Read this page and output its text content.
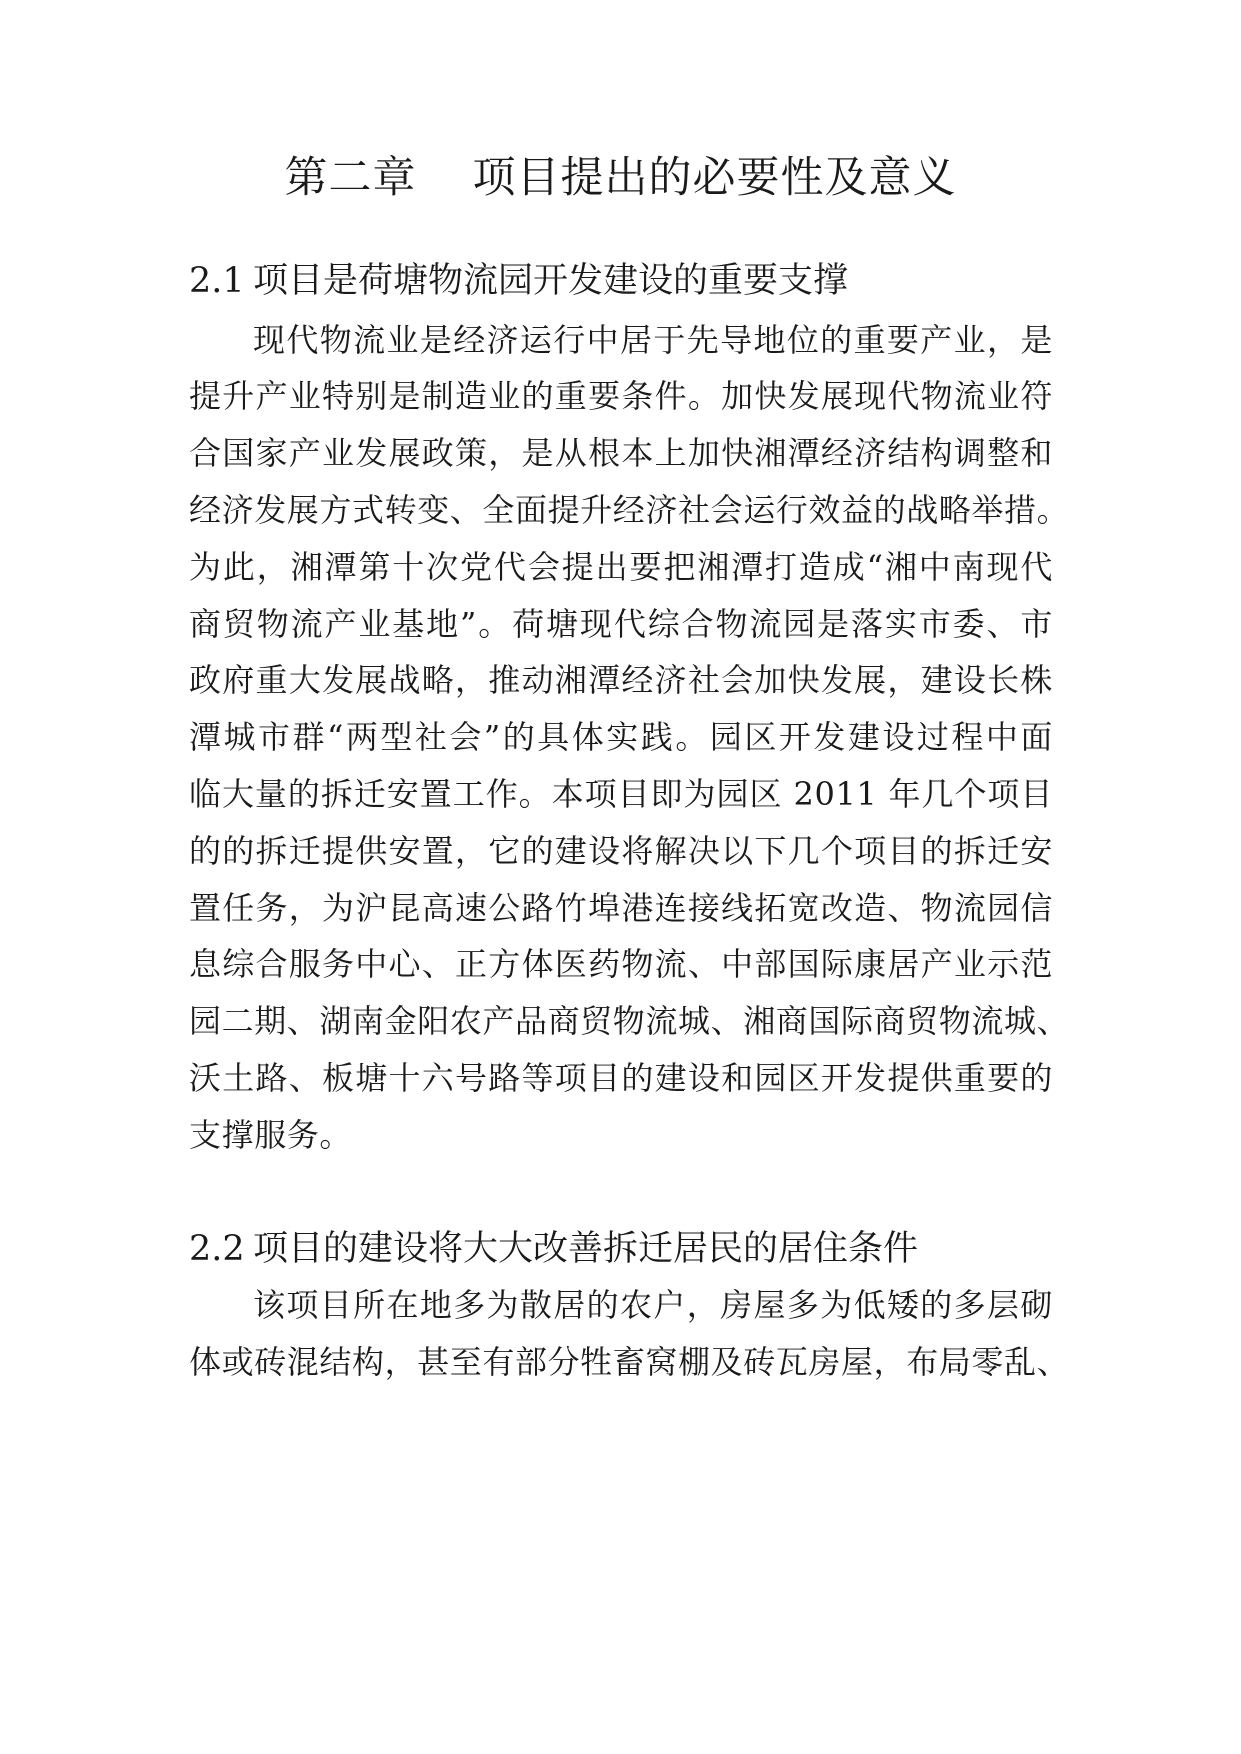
第二章 项目提出的必要性及意义
2.1 项目是荷塘物流园开发建设的重要支撑
现代物流业是经济运行中居于先导地位的重要产业，是
提升产业特别是制造业的重要条件。加快发展现代物流业符
合国家产业发展政策，是从根本上加快湘潭经济结构调整和
经济发展方式转变、全面提升经济社会运行效益的战略举措。
为此，湘潭第十次党代会提出要把湘潭打造成“湘中南现代
商贸物流产业基地”。荷塘现代综合物流园是落实市委、市
政府重大发展战略，推动湘潭经济社会加快发展，建设长株
潭城市群“两型社会”的具体实践。园区开发建设过程中面
临大量的拆迁安置工作。本项目即为园区 2011 年几个项目
的的拆迁提供安置，它的建设将解决以下几个项目的拆迁安
置任务，为沪昆高速公路竹埠港连接线拓宽改造、物流园信
息综合服务中心、正方体医药物流、中部国际康居产业示范
园二期、湖南金阳农产品商贸物流城、湘商国际商贸物流城、
沃土路、板塘十六号路等项目的建设和园区开发提供重要的
支撑服务。
2.2 项目的建设将大大改善拆迁居民的居住条件
该项目所在地多为散居的农户，房屋多为低矮的多层砌
体或砖混结构，甚至有部分牲畜窝棚及砖瓦房屋，布局零乱、
